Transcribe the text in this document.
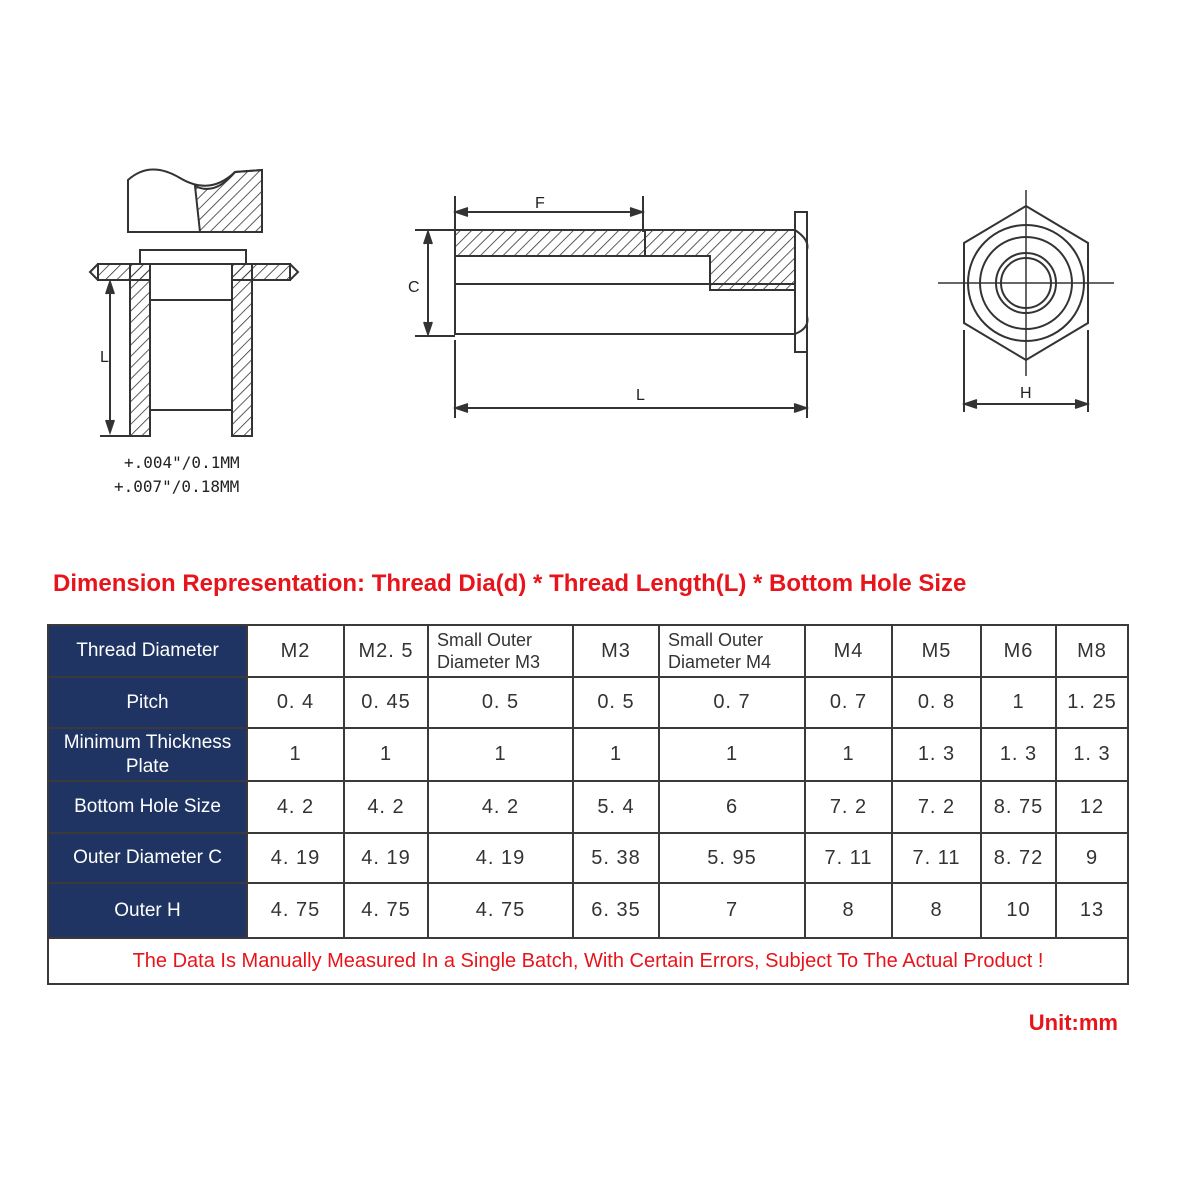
L
F
C
L	H
+.004"/0.1MM
+.007"/0.18MM
Dimension Representation: Thread Dia(d) * Thread Length(L) * Bottom Hole Size
Thread Diameter	M2	M2. 5	Small Outer Diameter M3	M3	Small Outer Diameter M4	M4	M5	M6	M8
Pitch	0. 4	0. 45	0. 5	0. 5	0. 7	0. 7	0. 8	1	1. 25
Minimum Thickness Plate	1	1	1	1	1	1	1. 3	1. 3	1. 3
Bottom Hole Size	4. 2	4. 2	4. 2	5. 4	6	7. 2	7. 2	8. 75	12
Outer Diameter C	4. 19	4. 19	4. 19	5. 38	5. 95	7. 11	7. 11	8. 72	9
Outer H	4. 75	4. 75	4. 75	6. 35	7	8	8	10	13
The Data Is Manually Measured In a Single Batch, With Certain Errors, Subject To The Actual Product !									
Unit:mm
